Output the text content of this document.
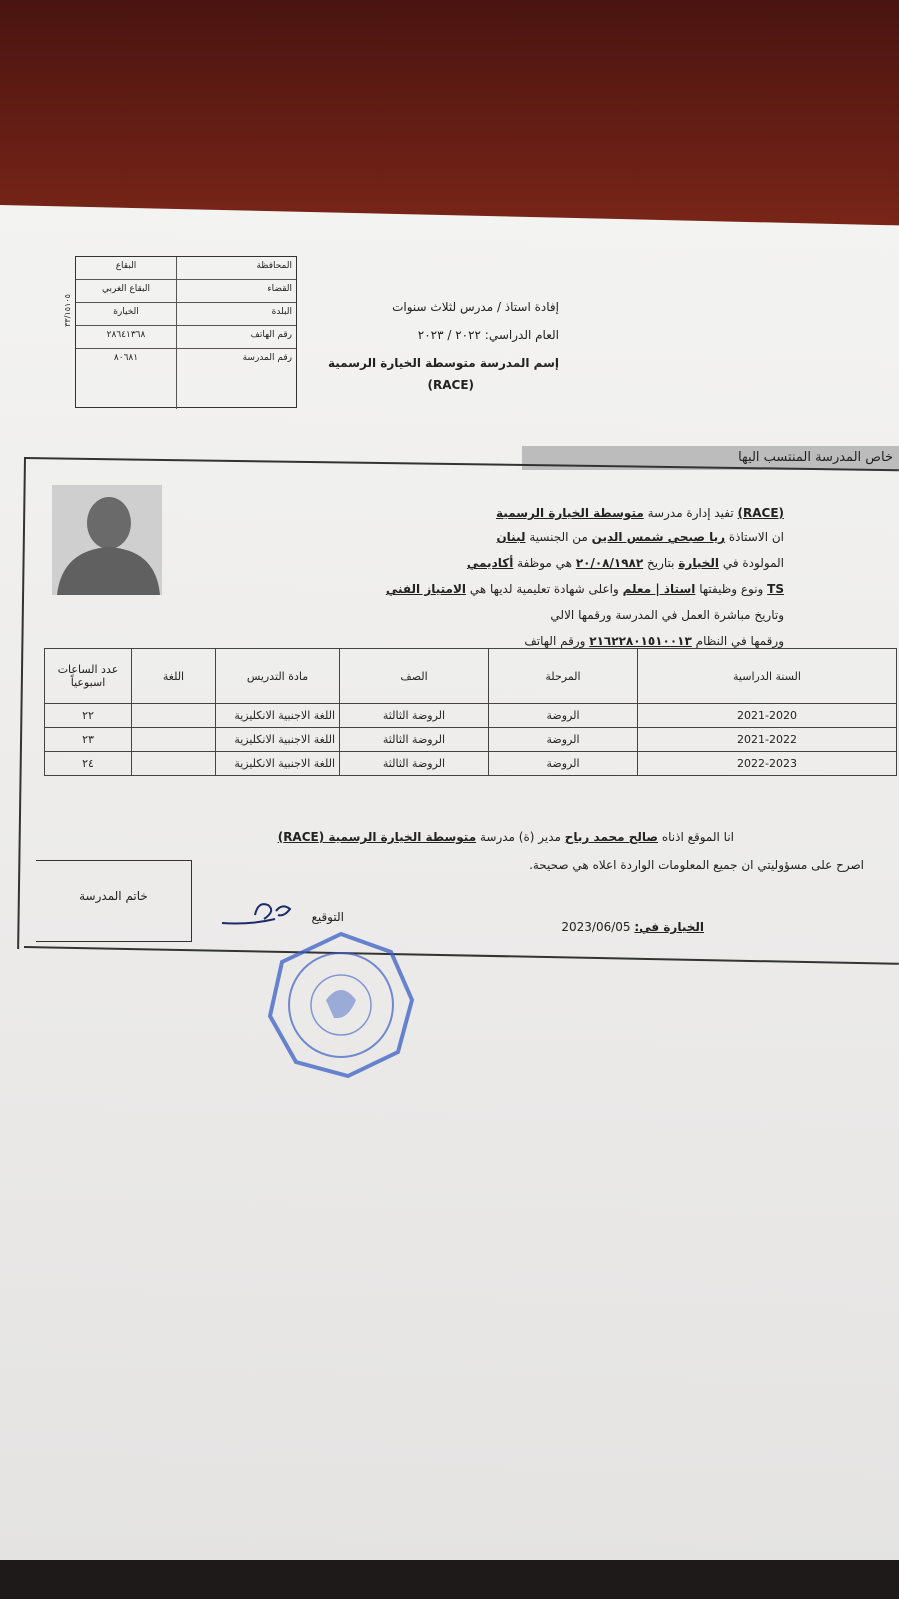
البقاع	المحافظة
البقاع الغربي	القضاء
الخيارة	البلدة
٢٨٦٤١٣٦٨	رقم الهاتف
٨٠٦٨١	رقم المدرسة
٣٣/١٥١٠٥	إفادة استاذ / مدرس لثلاث سنوات
العام الدراسي: ٢٠٢٢ / ٢٠٢٣
إسم المدرسة متوسطة الخيارة الرسمية
(RACE)
خاص المدرسة المنتسب اليها
(RACE) تفيد إدارة مدرسة متوسطة الخيارة الرسمية
ان الاستاذة ريا صبحي شمس الدين من الجنسية لبنان
المولودة في الخيارة بتاريخ ٢٠/٠٨/١٩٨٢ هي موظفة أكاديمي
TS ونوع وظيفتها استاذ | معلم واعلى شهادة تعليمية لديها هي الامتياز الفني
وتاريخ مباشرة العمل في المدرسة ورقمها الالي
ورقمها في النظام ٢١٦٢٢٨٠١٥١٠٠١٣ ورقم الهاتف
السنة الدراسية	المرحلة	الصف	مادة التدريس	اللغة	عدد الساعات اسبوعياً
2021-2020	الروضة	الروضة الثالثة	اللغة الاجنبية الانكليزية		٢٢
2021-2022	الروضة	الروضة الثالثة	اللغة الاجنبية الانكليزية		٢٣
2022-2023	الروضة	الروضة الثالثة	اللغة الاجنبية الانكليزية		٢٤
انا الموقع اذناه صالح محمد رباح مدير (ة) مدرسة متوسطة الخيارة الرسمية (RACE)
اصرح على مسؤوليتي ان جميع المعلومات الواردة اعلاه هي صحيحة.
الخيارة في: 2023/06/05
التوقيع
خاتم المدرسة
